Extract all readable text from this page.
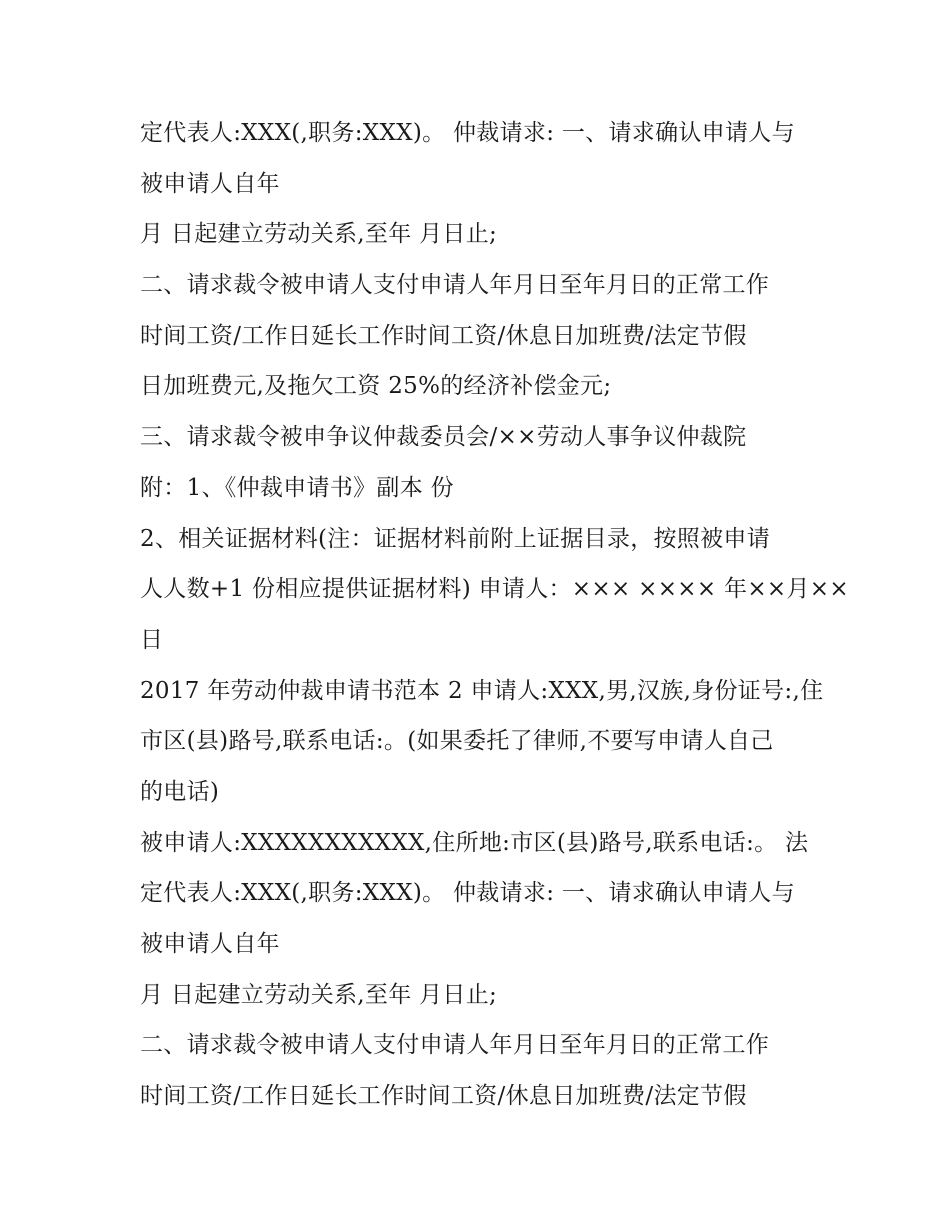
定代表人:XXX(,职务:XXX)。 仲裁请求: 一、请求确认申请人与
被申请人自年
月 日起建立劳动关系,至年 月日止;
二、请求裁令被申请人支付申请人年月日至年月日的正常工作
时间工资/工作日延长工作时间工资/休息日加班费/法定节假
日加班费元,及拖欠工资 25%的经济补偿金元;
三、请求裁令被申争议仲裁委员会/××劳动人事争议仲裁院
附：1、《仲裁申请书》副本 份
2、相关证据材料(注：证据材料前附上证据目录，按照被申请
人人数+1 份相应提供证据材料) 申请人：××× ×××× 年××月××
日
2017 年劳动仲裁申请书范本 2 申请人:XXX,男,汉族,身份证号:,住
市区(县)路号,联系电话:。(如果委托了律师,不要写申请人自己
的电话)
被申请人:XXXXXXXXXXX,住所地:市区(县)路号,联系电话:。 法
定代表人:XXX(,职务:XXX)。 仲裁请求: 一、请求确认申请人与
被申请人自年
月 日起建立劳动关系,至年 月日止;
二、请求裁令被申请人支付申请人年月日至年月日的正常工作
时间工资/工作日延长工作时间工资/休息日加班费/法定节假
